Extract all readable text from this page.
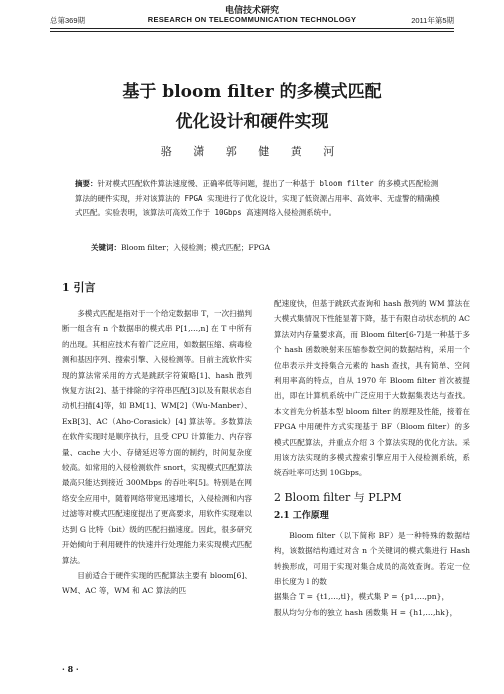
电信技术研究
总第369期	RESEARCH ON TELECOMMUNICATION TECHNOLOGY	2011年第5期
基于 bloom filter 的多模式匹配
优化设计和硬件实现
骆 潇 郭 健 黄 河
摘要：针对模式匹配软件算法速度慢、正确率低等问题，提出了一种基于 bloom filter 的多模式匹配检测算法的硬件实现，并对该算法的 FPGA 实现进行了优化设计，实现了低资源占用率、高效率、无虚警的精确模式匹配。实验表明，该算法可高效工作于 10Gbps 高速网络入侵检测系统中。
关键词：Bloom filter；入侵检测；模式匹配；FPGA
1 引言

多模式匹配是指对于一个给定数据串 T，一次扫描判断一组含有 n 个数据串的模式串 P[1,…,n] 在 T 中所有的出现。其相应技术有着广泛应用，如数据压缩、病毒检测和基因序列、搜索引擎、入侵检测等。目前主流软件实现的算法常采用的方式是跳跃字符策略[1]、hash 散列恢复方法[2]、基于排除的字符串匹配[3]以及有限状态自动机扫描[4]等，如 BM[1]、WM[2]（Wu-Manber）、ExB[3]、AC（Aho-Corasick）[4] 算法等。多数算法在软件实现时是顺序执行，且受 CPU 计算能力、内存容量、cache 大小、存储延迟等方面的制约，时间复杂度较高。如常用的入侵检测软件 snort，实现模式匹配算法最高只能达到接近 300Mbps 的吞吐率[5]。特别是在网络安全应用中，随着网络带宽迅速增长，入侵检测和内容过滤等对模式匹配速度提出了更高要求，用软件实现难以达到 G 比特（bit）级的匹配扫描速度。因此，很多研究开始倾向于利用硬件的快速并行处理能力来实现模式匹配算法。

目前适合于硬件实现的匹配算法主要有 bloom[6]、WM、AC 等，WM 和 AC 算法的匹

配速度快，但基于跳跃式查询和 hash 散列的 WM 算法在大模式集情况下性能显著下降，基于有限自动状态机的 AC 算法对内存量要求高，而 Bloom filter[6-7]是一种基于多个 hash 函数映射来压缩参数空间的数据结构，采用一个位串表示并支持集合元素的 hash 查找，具有简单、空间利用率高的特点，自从 1970 年 Bloom filter 首次被提出，即在计算机系统中广泛应用于大数据集表达与查找。本文首先分析基本型 bloom filter 的原理及性能，接着在 FPGA 中用硬件方式实现基于 BF（Bloom filter）的多模式匹配算法，并重点介绍 3 个算法实现的优化方法。采用该方法实现的多模式搜索引擎应用于入侵检测系统，系统吞吐率可达到 10Gbps。

2 Bloom filter 与 PLPM
2.1 工作原理

Bloom filter（以下简称 BF）是一种特殊的数据结构，该数据结构通过对含 n 个关键词的模式集进行 Hash 转换形成，可用于实现对集合成员的高效查询。若定一位串长度为 l 的数

据集合 T = {t1,…,tl}，模式集 P = {p1,…,pn}，

服从均匀分布的独立 hash 函数集 H = {h1,…,hk}，

· 8 ·
